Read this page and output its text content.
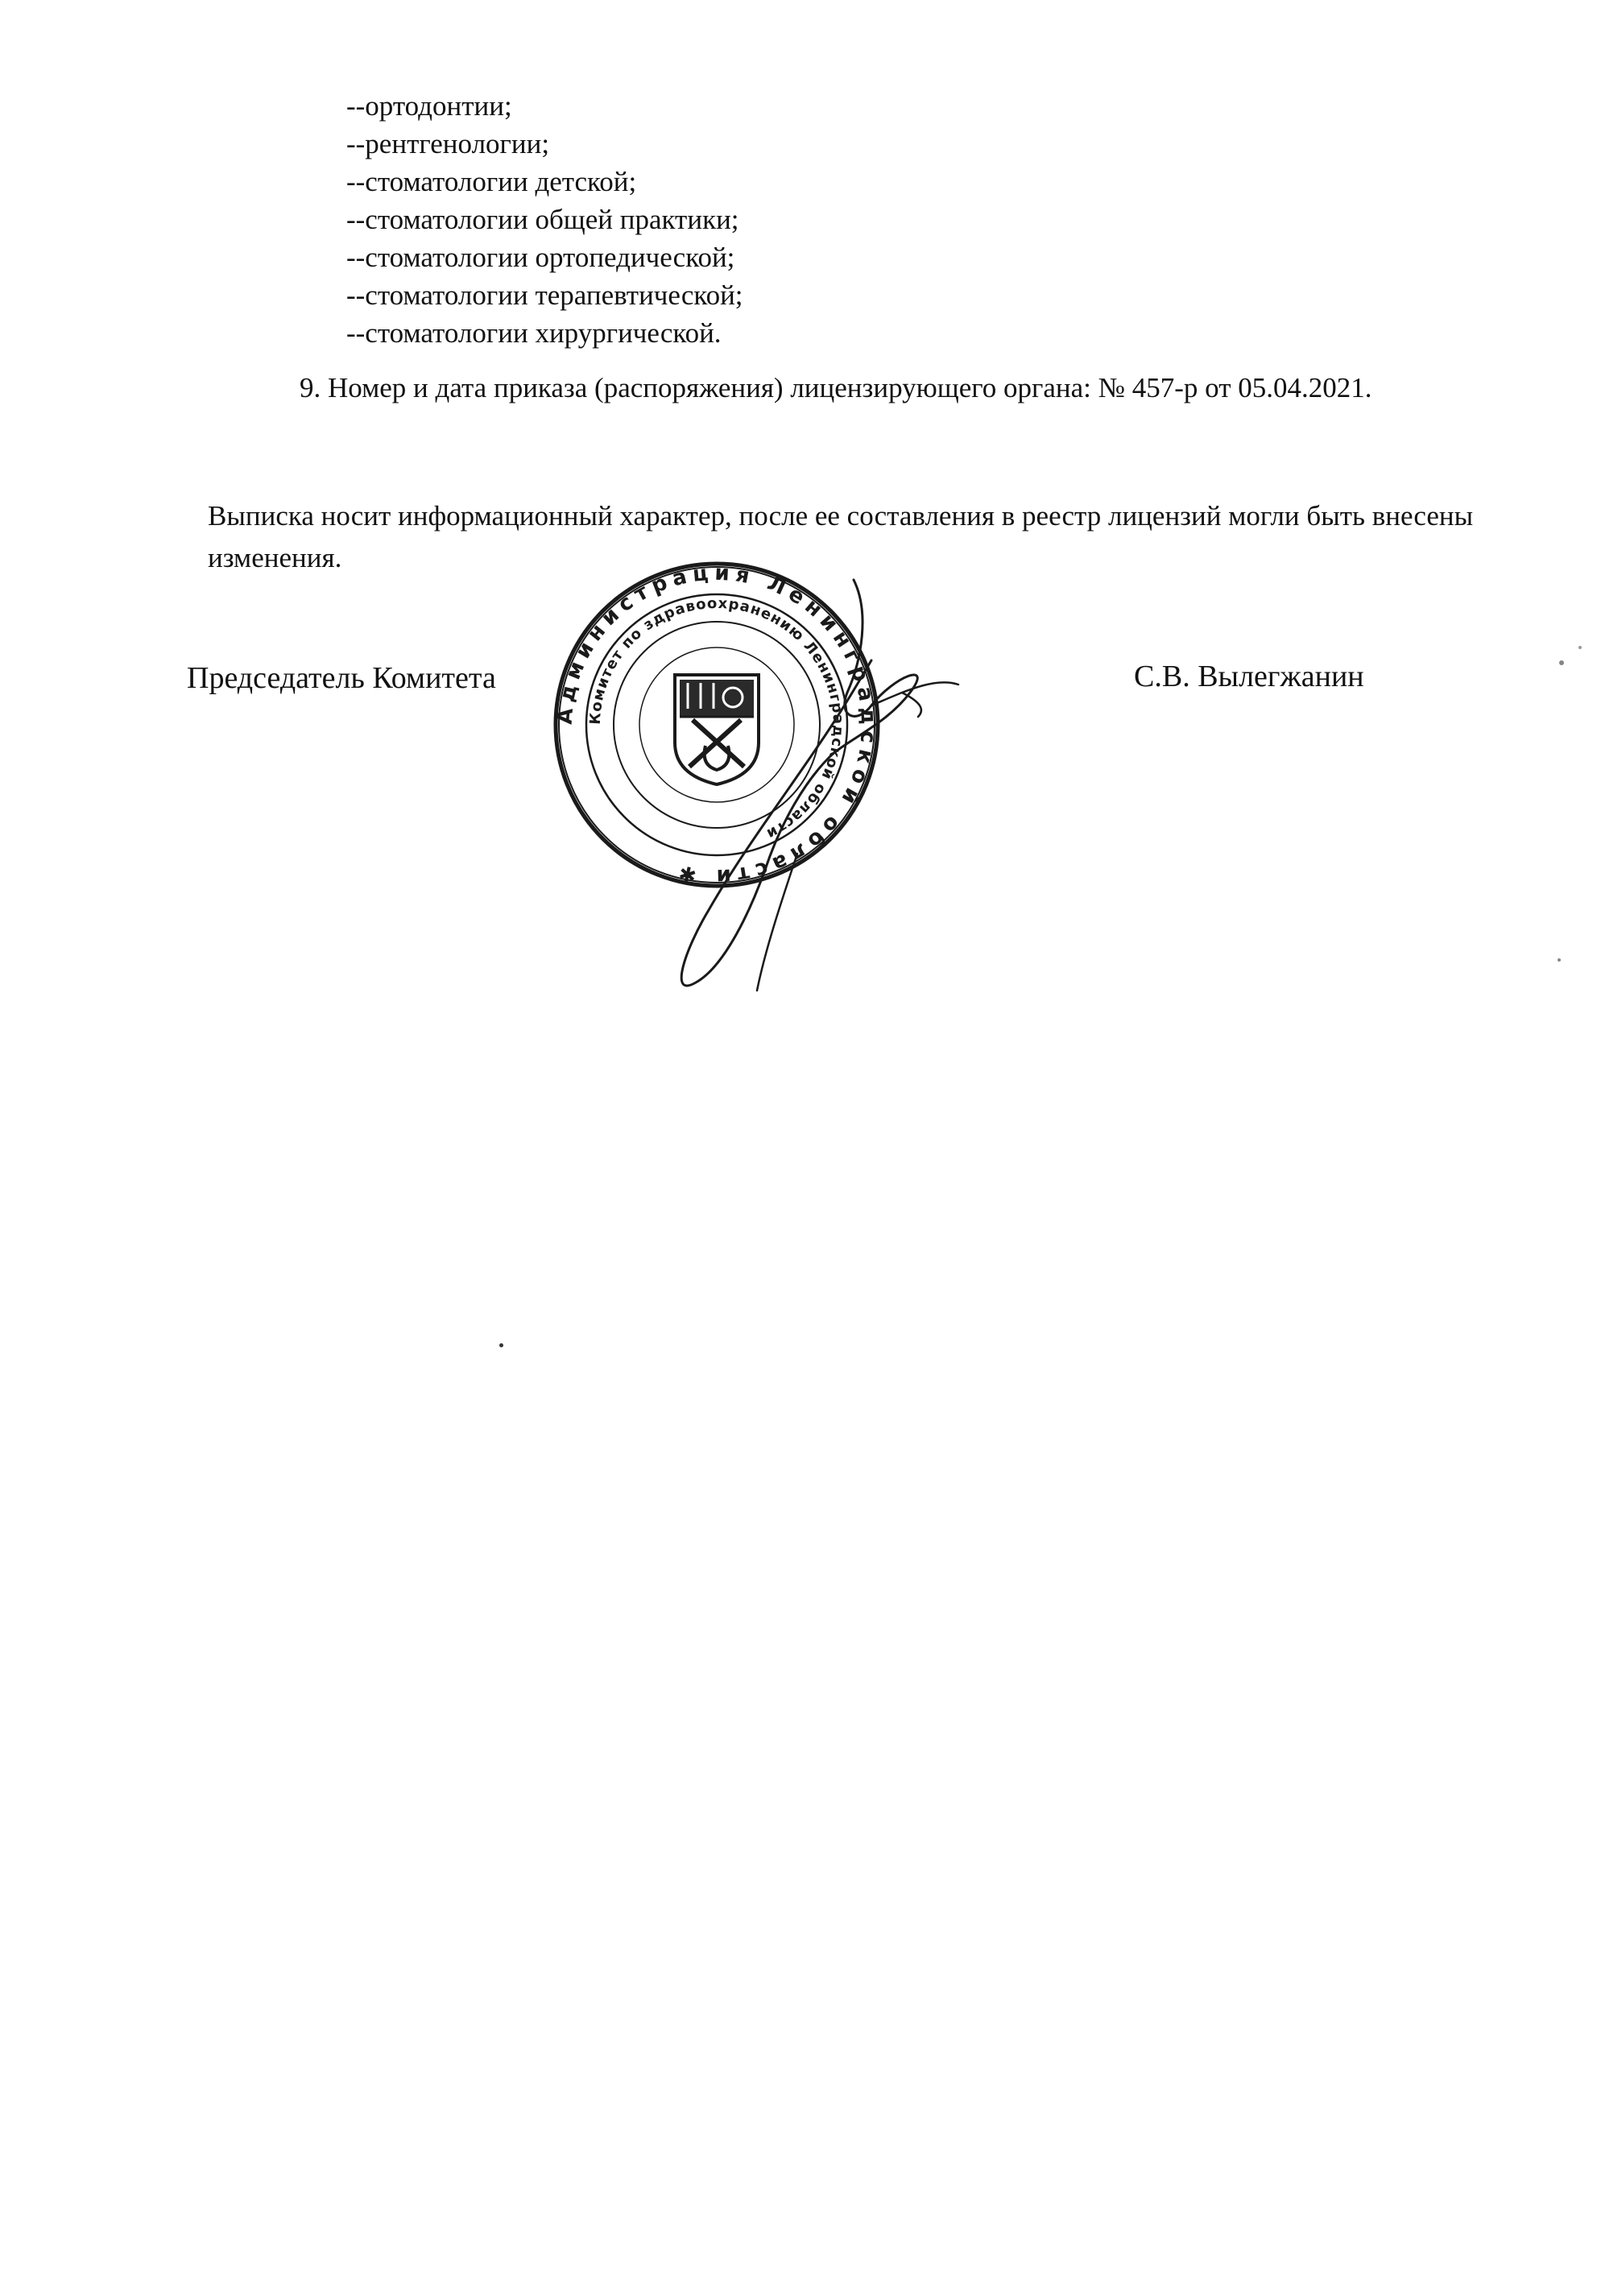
--ортодонтии;
--рентгенологии;
--стоматологии детской;
--стоматологии общей практики;
--стоматологии ортопедической;
--стоматологии терапевтической;
--стоматологии хирургической.

9. Номер и дата приказа (распоряжения) лицензирующего органа: № 457-р от 05.04.2021.

Выписка носит информационный характер, после ее составления в реестр лицензий могли быть внесены изменения.

Председатель Комитета	С.В. Вылегжанин

Администрация Ленинградской области ✱
Комитет по здравоохранению Ленинградской области
